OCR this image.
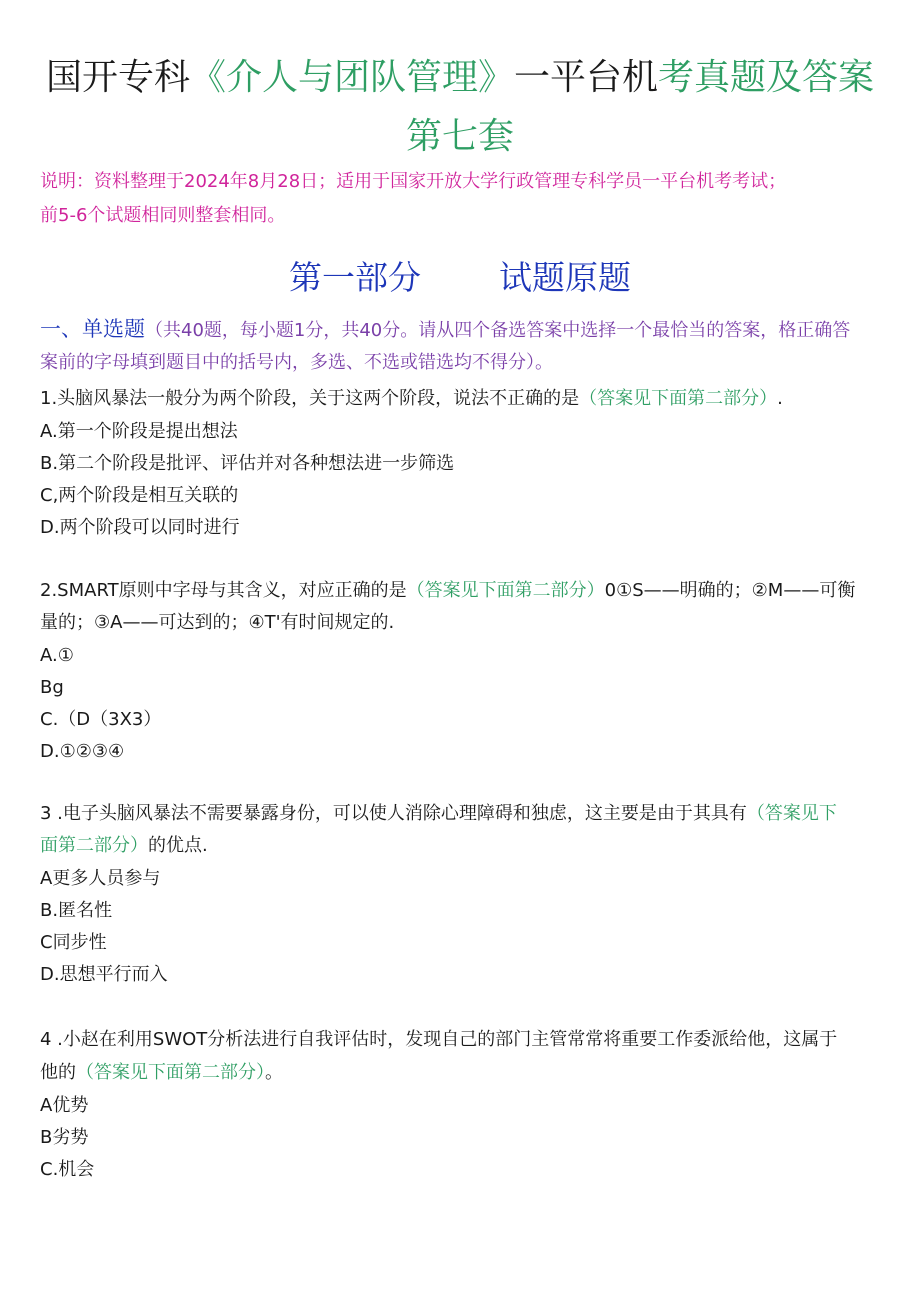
国开专科《介人与团队管理》一平台机考真题及答案
第七套
说明：资料整理于2024年8月28日；适用于国家开放大学行政管理专科学员一平台机考考试；
前5-6个试题相同则整套相同。
第一部分 试题原题
一、单选题（共40题，每小题1分，共40分。请从四个备选答案中选择一个最恰当的答案，格正确答
案前的字母填到题目中的括号内，多选、不选或错选均不得分）。
1.头脑风暴法一般分为两个阶段，关于这两个阶段，说法不正确的是（答案见下面第二部分）.
A.第一个阶段是提出想法
B.第二个阶段是批评、评估并对各种想法进一步筛选
C,两个阶段是相互关联的
D.两个阶段可以同时进行
2.SMART原则中字母与其含义，对应正确的是（答案见下面第二部分）0①S——明确的；②M——可衡
量的；③A——可达到的；④T'有时间规定的.
A.①
Bg
C.（D（3X3）
D.①②③④
3 .电子头脑风暴法不需要暴露身份，可以使人消除心理障碍和独虑，这主要是由于其具有（答案见下
面第二部分）的优点.
A更多人员参与
B.匿名性
C同步性
D.思想平行而入
4 .小赵在利用SWOT分析法进行自我评估时，发现自己的部门主管常常将重要工作委派给他，这属于
他的（答案见下面第二部分）。
A优势
B劣势
C.机会
